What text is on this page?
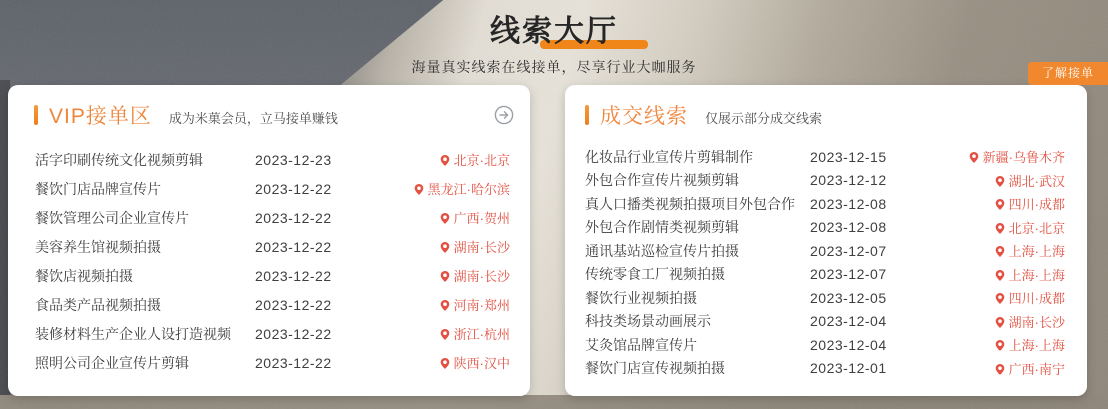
线索大厅
海量真实线索在线接单，尽享行业大咖服务	了解接单
VIP接单区 成为米菓会员，立马接单赚钱
活字印刷传统文化视频剪辑	2023-12-23	北京·北京
餐饮门店品牌宣传片	2023-12-22	黑龙江·哈尔滨
餐饮管理公司企业宣传片	2023-12-22	广西·贺州
美容养生馆视频拍摄	2023-12-22	湖南·长沙
餐饮店视频拍摄	2023-12-22	湖南·长沙
食品类产品视频拍摄	2023-12-22	河南·郑州
装修材料生产企业人设打造视频	2023-12-22	浙江·杭州
照明公司企业宣传片剪辑	2023-12-22	陕西·汉中
成交线索 仅展示部分成交线索
化妆品行业宣传片剪辑制作	2023-12-15	新疆·乌鲁木齐
外包合作宣传片视频剪辑	2023-12-12	湖北·武汉
真人口播类视频拍摄项目外包合作	2023-12-08	四川·成都
外包合作剧情类视频剪辑	2023-12-08	北京·北京
通讯基站巡检宣传片拍摄	2023-12-07	上海·上海
传统零食工厂视频拍摄	2023-12-07	上海·上海
餐饮行业视频拍摄	2023-12-05	四川·成都
科技类场景动画展示	2023-12-04	湖南·长沙
艾灸馆品牌宣传片	2023-12-04	上海·上海
餐饮门店宣传视频拍摄	2023-12-01	广西·南宁
